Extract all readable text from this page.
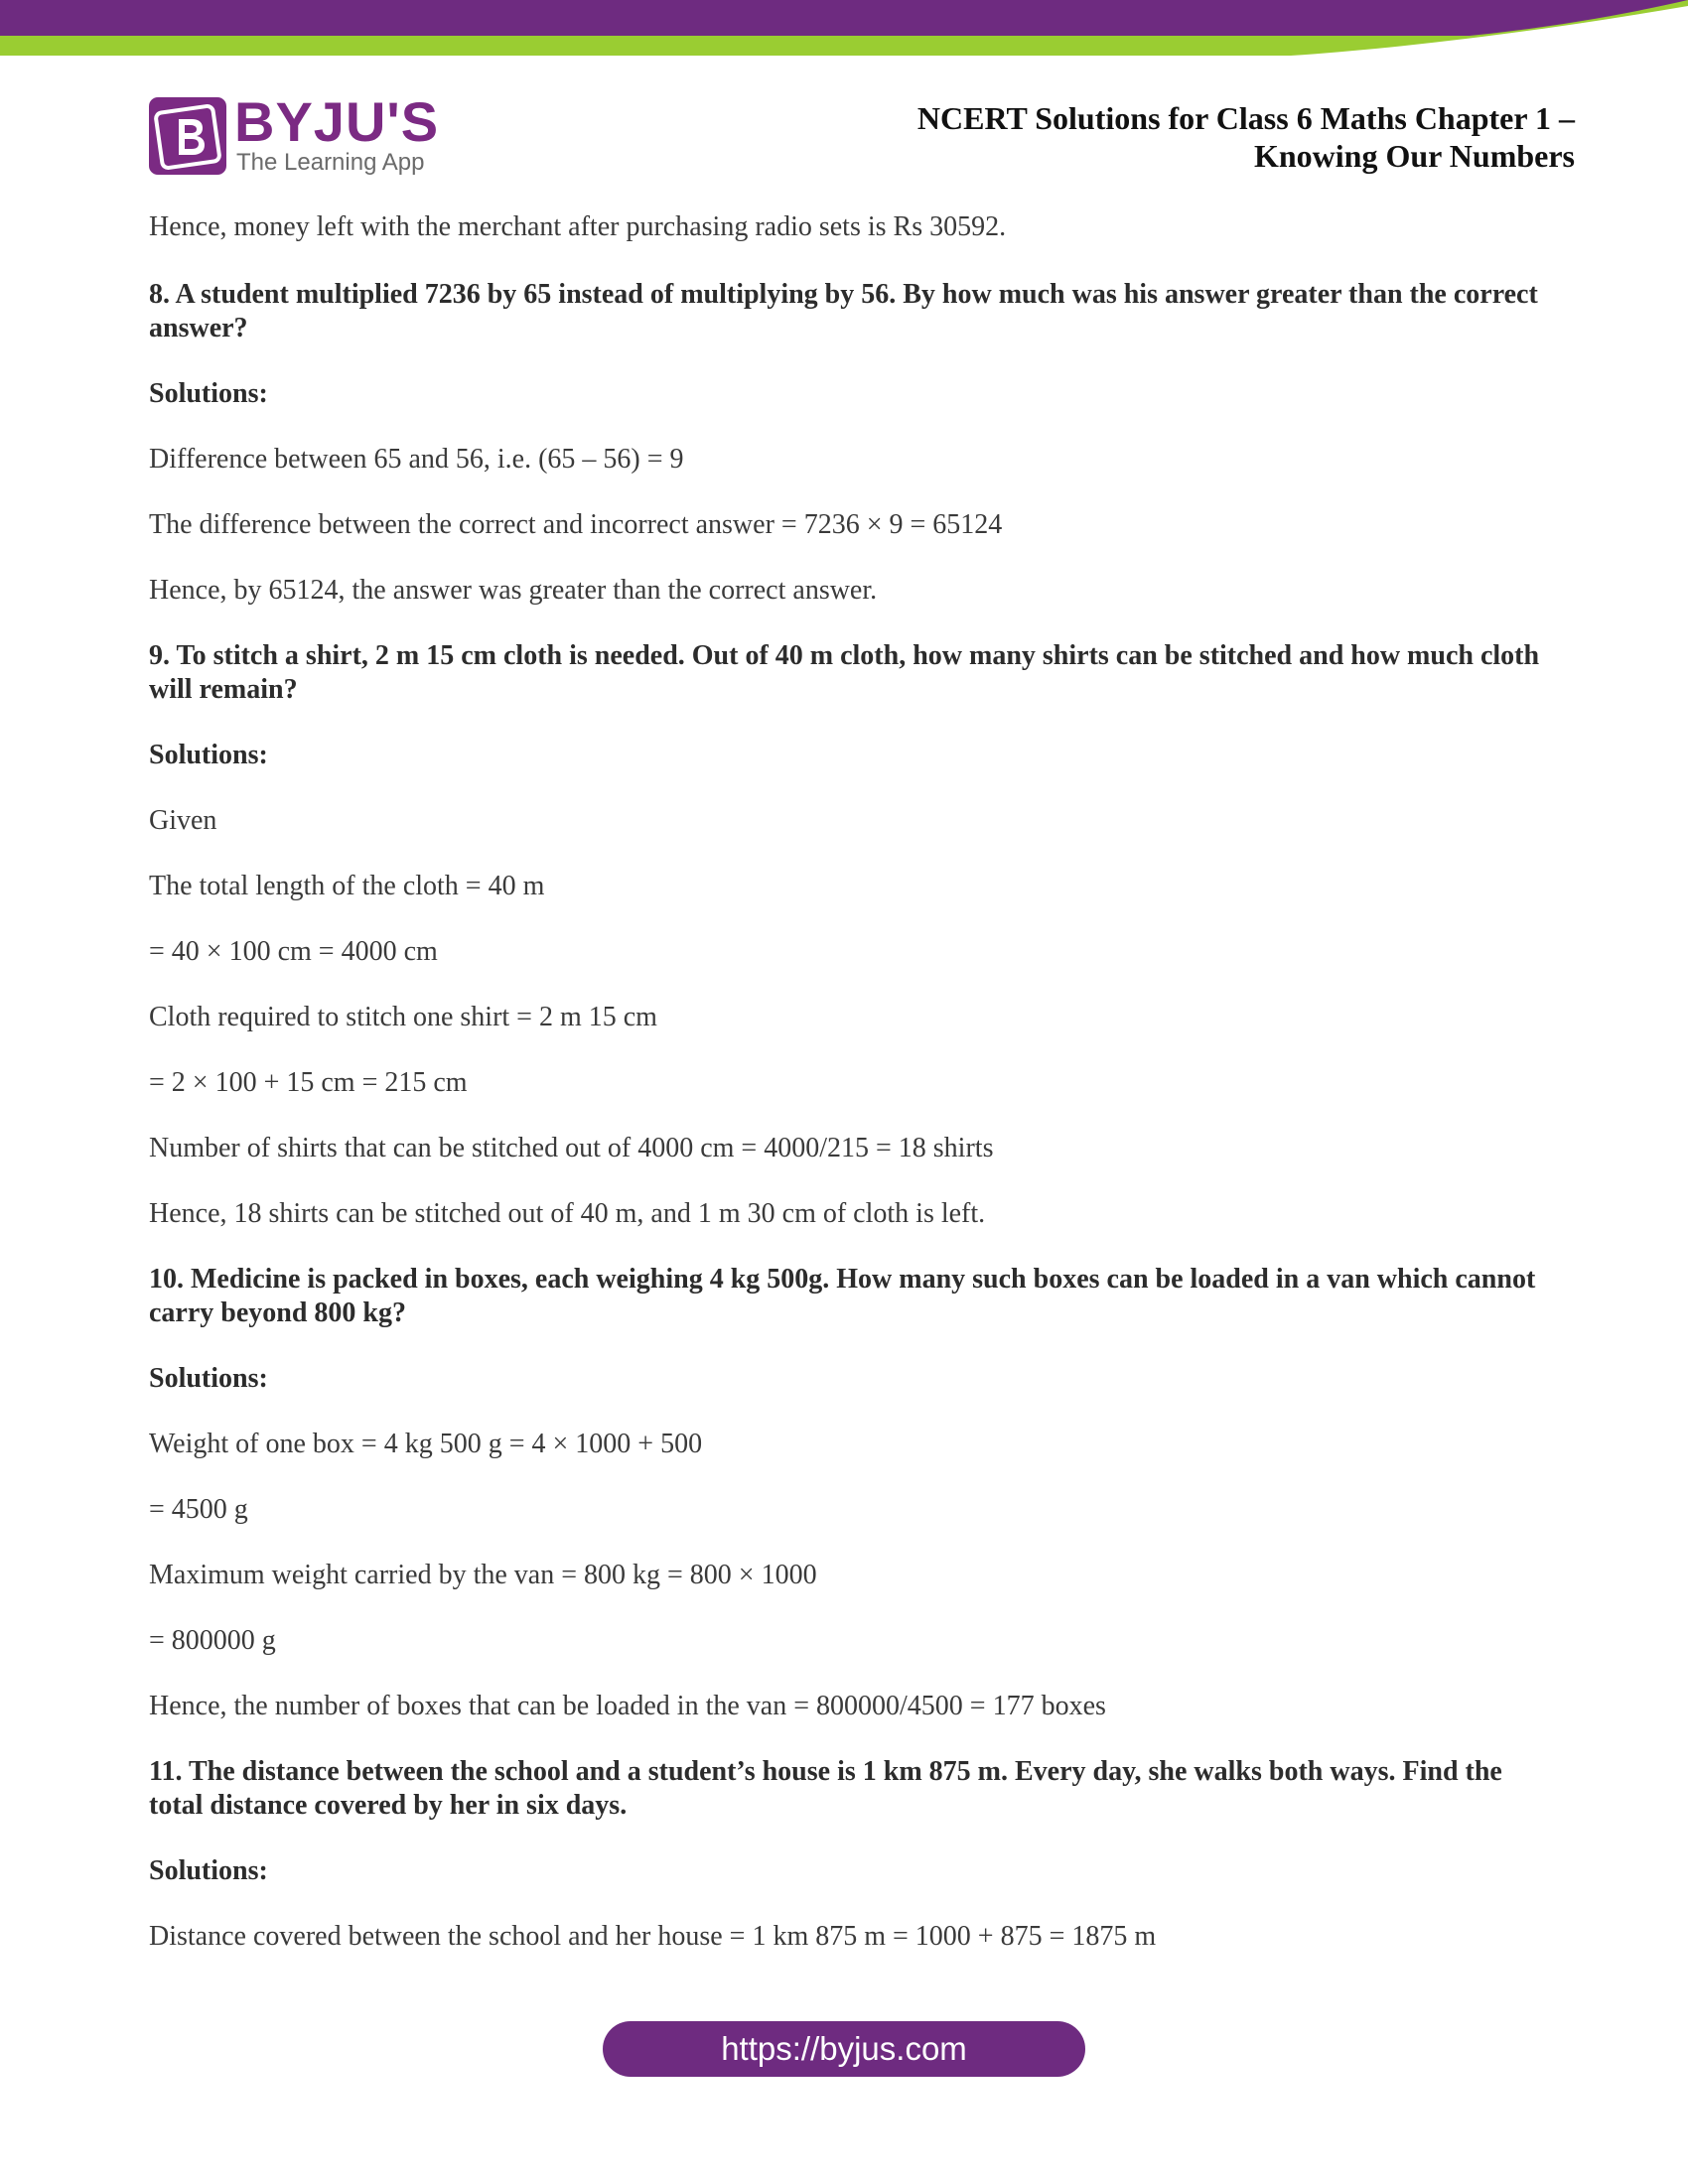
BYJU'S
The Learning App
NCERT Solutions for Class 6 Maths Chapter 1 –
Knowing Our Numbers

Hence, money left with the merchant after purchasing radio sets is Rs 30592.

8. A student multiplied 7236 by 65 instead of multiplying by 56. By how much was his answer greater than the correct answer?

Solutions:

Difference between 65 and 56, i.e. (65 – 56) = 9

The difference between the correct and incorrect answer = 7236 × 9 = 65124

Hence, by 65124, the answer was greater than the correct answer.

9. To stitch a shirt, 2 m 15 cm cloth is needed. Out of 40 m cloth, how many shirts can be stitched and how much cloth will remain?

Solutions:

Given

The total length of the cloth = 40 m

= 40 × 100 cm = 4000 cm

Cloth required to stitch one shirt = 2 m 15 cm

= 2 × 100 + 15 cm = 215 cm

Number of shirts that can be stitched out of 4000 cm = 4000/215 = 18 shirts

Hence, 18 shirts can be stitched out of 40 m, and 1 m 30 cm of cloth is left.

10. Medicine is packed in boxes, each weighing 4 kg 500g. How many such boxes can be loaded in a van which cannot carry beyond 800 kg?

Solutions:

Weight of one box = 4 kg 500 g = 4 × 1000 + 500

= 4500 g

Maximum weight carried by the van = 800 kg = 800 × 1000

= 800000 g

Hence, the number of boxes that can be loaded in the van = 800000/4500 = 177 boxes

11. The distance between the school and a student’s house is 1 km 875 m. Every day, she walks both ways. Find the total distance covered by her in six days.

Solutions:

Distance covered between the school and her house = 1 km 875 m = 1000 + 875 = 1875 m

https://byjus.com
